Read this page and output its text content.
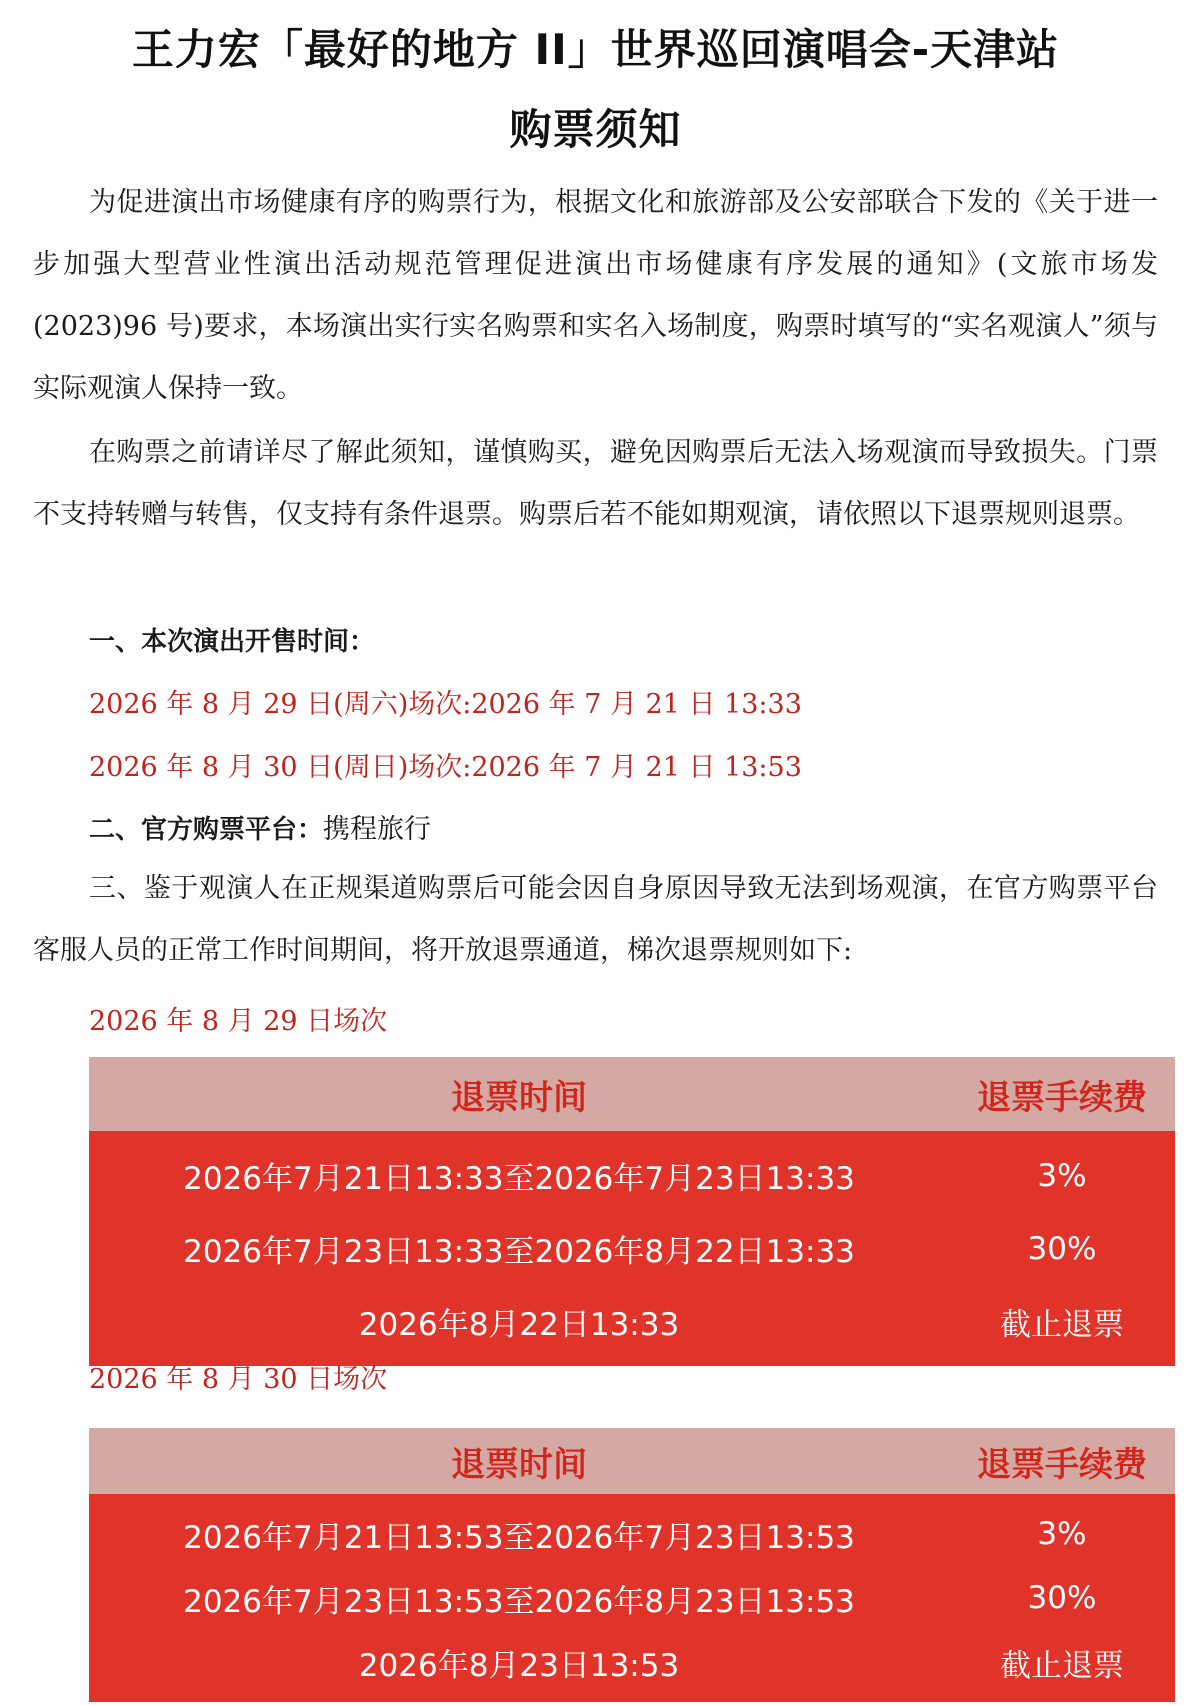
王力宏「最好的地方 II」世界巡回演唱会-天津站
购票须知

为促进演出市场健康有序的购票行为，根据文化和旅游部及公安部联合下发的《关于进一步加强大型营业性演出活动规范管理促进演出市场健康有序发展的通知》(文旅市场发(2023)96 号)要求，本场演出实行实名购票和实名入场制度，购票时填写的“实名观演人”须与实际观演人保持一致。

在购票之前请详尽了解此须知，谨慎购买，避免因购票后无法入场观演而导致损失。门票不支持转赠与转售，仅支持有条件退票。购票后若不能如期观演，请依照以下退票规则退票。

一、本次演出开售时间：
2026 年 8 月 29 日(周六)场次:2026 年 7 月 21 日 13:33
2026 年 8 月 30 日(周日)场次:2026 年 7 月 21 日 13:53
二、官方购票平台：携程旅行

三、鉴于观演人在正规渠道购票后可能会因自身原因导致无法到场观演，在官方购票平台客服人员的正常工作时间期间，将开放退票通道，梯次退票规则如下:

2026 年 8 月 29 日场次
退票时间	退票手续费
2026年7月21日13:33至2026年7月23日13:33	3%
2026年7月23日13:33至2026年8月22日13:33	30%
2026年8月22日13:33	截止退票
2026 年 8 月 30 日场次
退票时间	退票手续费
2026年7月21日13:53至2026年7月23日13:53	3%
2026年7月23日13:53至2026年8月23日13:53	30%
2026年8月23日13:53	截止退票
